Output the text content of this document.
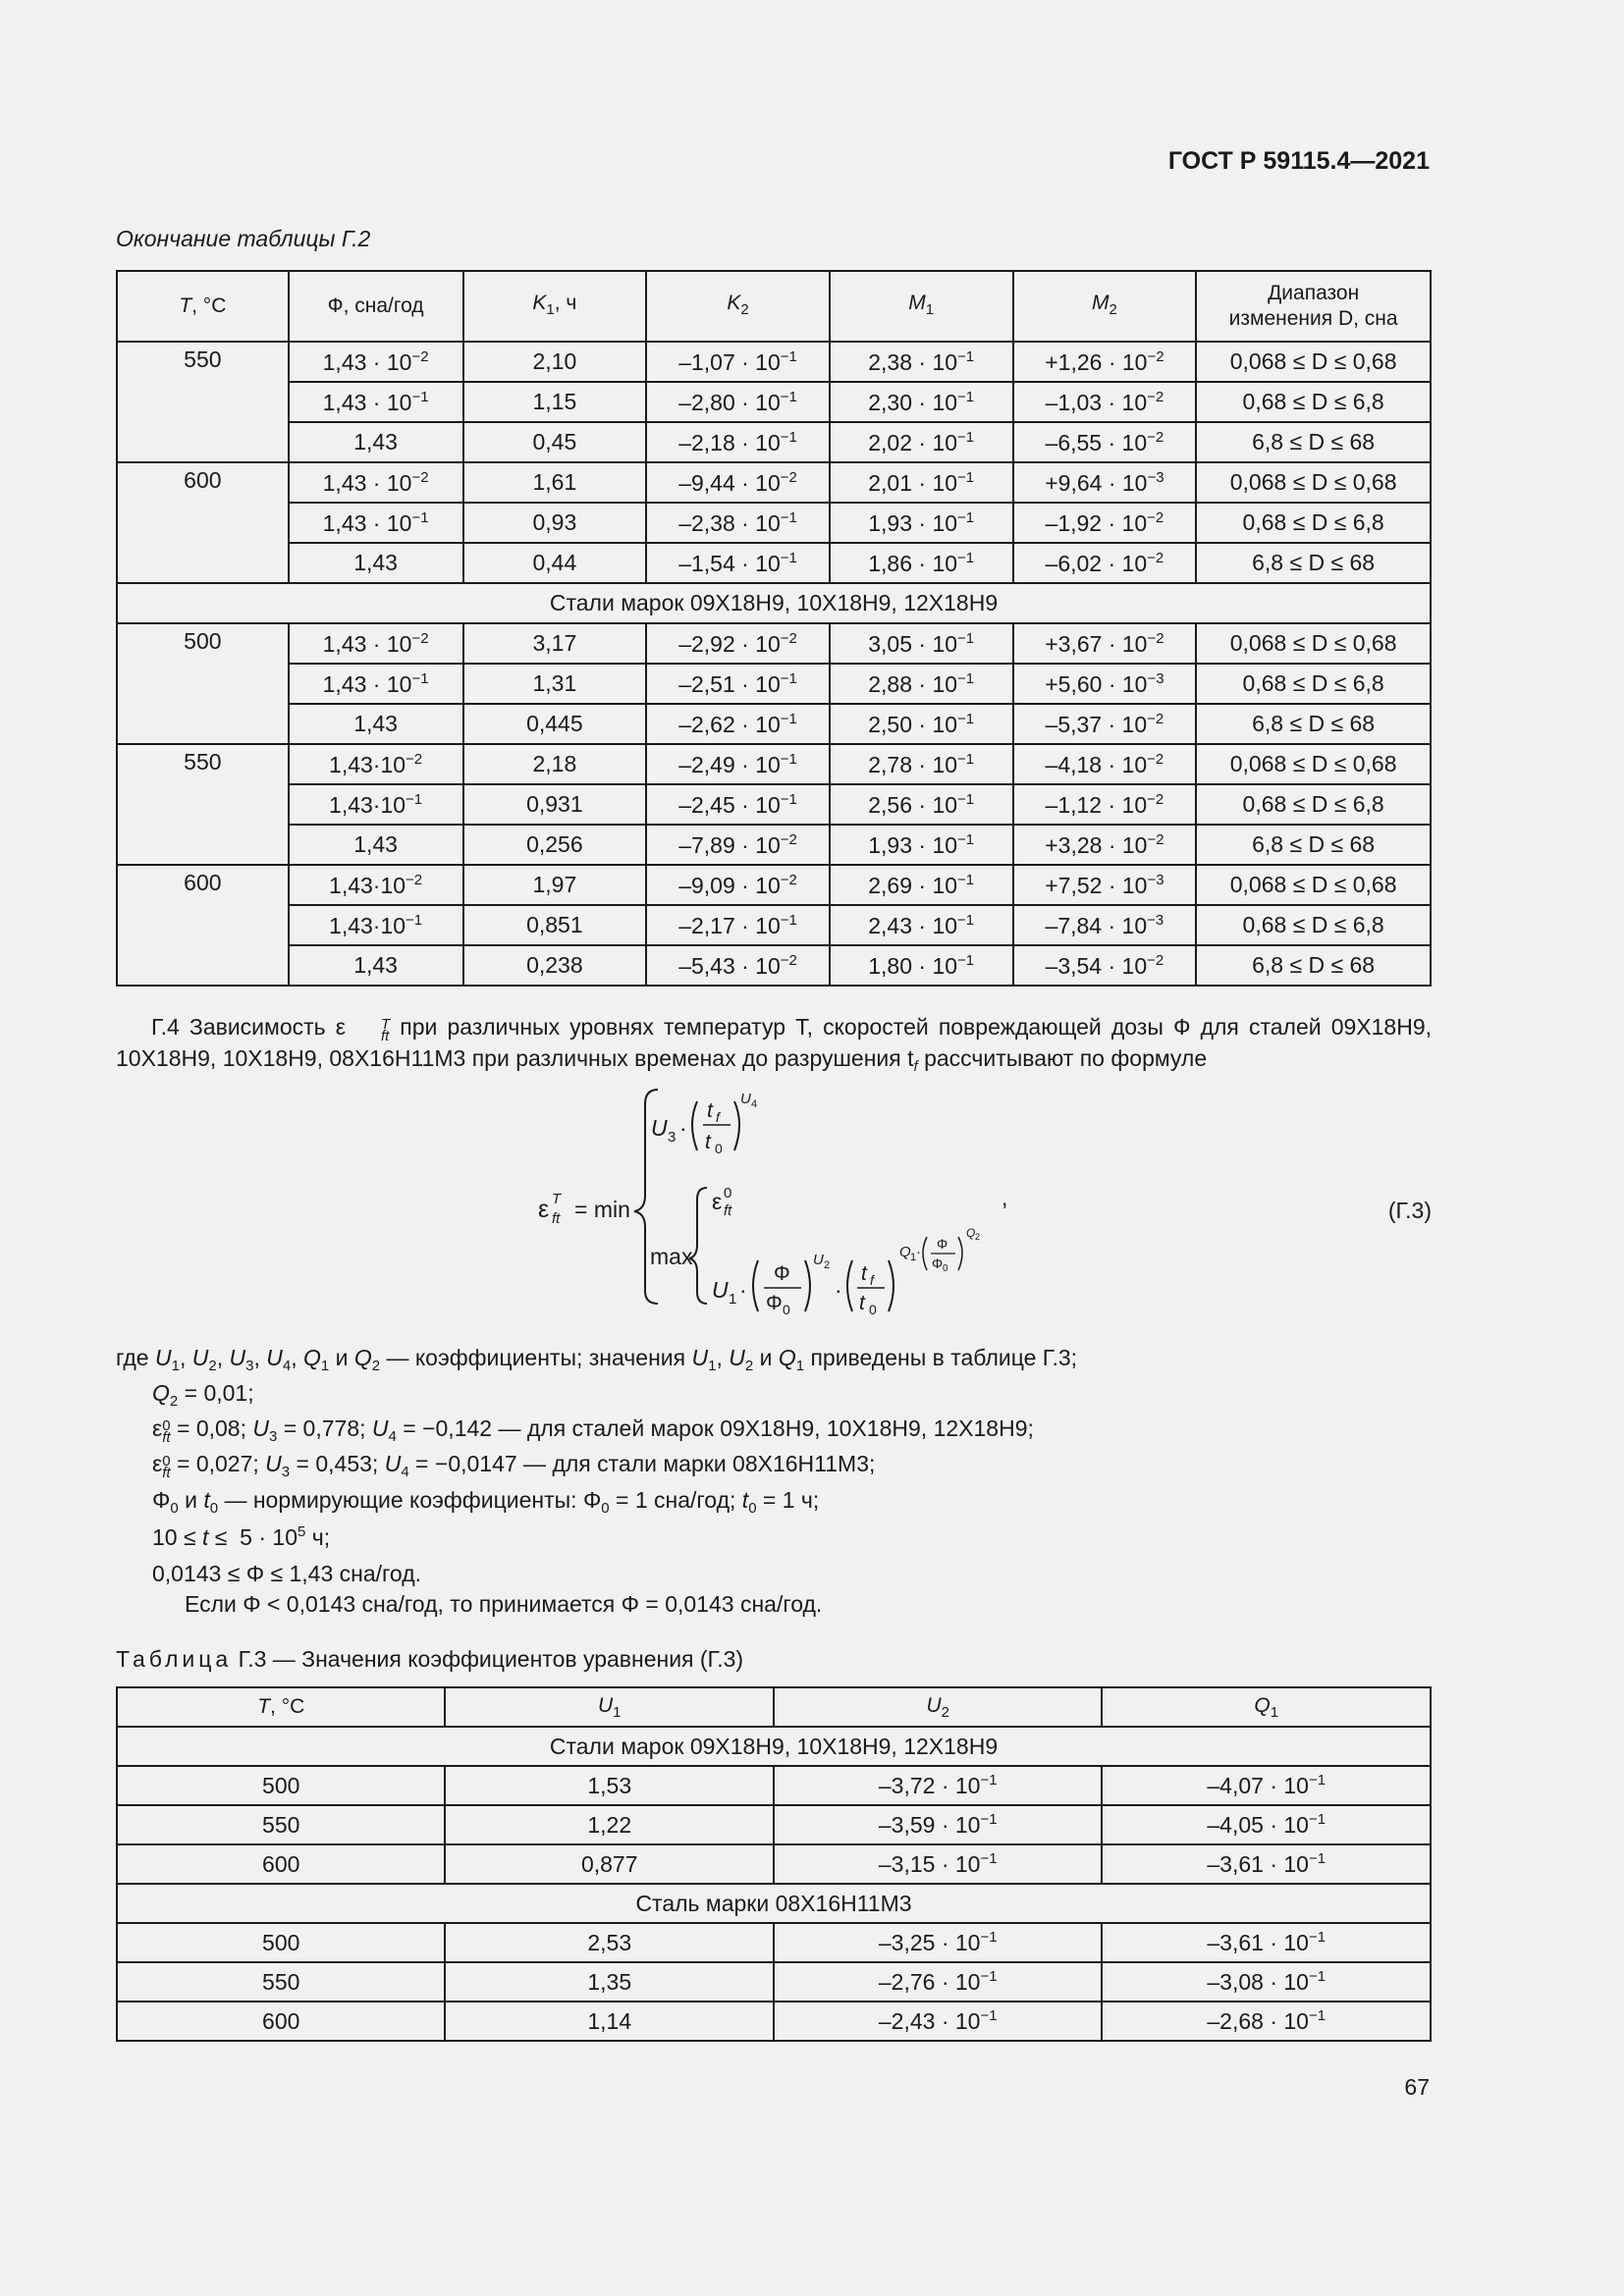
ГОСТ Р 59115.4—2021
Окончание таблицы Г.2
T, °C	Ф, сна/год	$K_1$, ч	$K_2$	$M_1$	$M_2$	Диапазон
изменения D, сна
550	$1,43 \cdot 10^{-2}$	2,10	$-1,07 \cdot 10^{-1}$	$2,38 \cdot 10^{-1}$	$+1,26 \cdot 10^{-2}$	0,068 ≤ D ≤ 0,68
	$1,43 \cdot 10^{-1}$	1,15	$-2,80 \cdot 10^{-1}$	$2,30 \cdot 10^{-1}$	$-1,03 \cdot 10^{-2}$	0,68 ≤ D ≤ 6,8
	1,43	0,45	$-2,18 \cdot 10^{-1}$	$2,02 \cdot 10^{-1}$	$-6,55 \cdot 10^{-2}$	6,8 ≤ D ≤ 68
600	$1,43 \cdot 10^{-2}$	1,61	$-9,44 \cdot 10^{-2}$	$2,01 \cdot 10^{-1}$	$+9,64 \cdot 10^{-3}$	0,068 ≤ D ≤ 0,68
	$1,43 \cdot 10^{-1}$	0,93	$-2,38 \cdot 10^{-1}$	$1,93 \cdot 10^{-1}$	$-1,92 \cdot 10^{-2}$	0,68 ≤ D ≤ 6,8
	1,43	0,44	$-1,54 \cdot 10^{-1}$	$1,86 \cdot 10^{-1}$	$-6,02 \cdot 10^{-2}$	6,8 ≤ D ≤ 68
Стали марок 09Х18Н9, 10Х18Н9, 12Х18Н9						
500	$1,43 \cdot 10^{-2}$	3,17	$-2,92 \cdot 10^{-2}$	$3,05 \cdot 10^{-1}$	$+3,67 \cdot 10^{-2}$	0,068 ≤ D ≤ 0,68
	$1,43 \cdot 10^{-1}$	1,31	$-2,51 \cdot 10^{-1}$	$2,88 \cdot 10^{-1}$	$+5,60 \cdot 10^{-3}$	0,68 ≤ D ≤ 6,8
	1,43	0,445	$-2,62 \cdot 10^{-1}$	$2,50 \cdot 10^{-1}$	$-5,37 \cdot 10^{-2}$	6,8 ≤ D ≤ 68
550	$1,43\cdot 10^{-2}$	2,18	$-2,49 \cdot 10^{-1}$	$2,78 \cdot 10^{-1}$	$-4,18 \cdot 10^{-2}$	0,068 ≤ D ≤ 0,68
	$1,43\cdot 10^{-1}$	0,931	$-2,45 \cdot 10^{-1}$	$2,56 \cdot 10^{-1}$	$-1,12 \cdot 10^{-2}$	0,68 ≤ D ≤ 6,8
	1,43	0,256	$-7,89 \cdot 10^{-2}$	$1,93 \cdot 10^{-1}$	$+3,28 \cdot 10^{-2}$	6,8 ≤ D ≤ 68
600	$1,43\cdot 10^{-2}$	1,97	$-9,09 \cdot 10^{-2}$	$2,69 \cdot 10^{-1}$	$+7,52 \cdot 10^{-3}$	0,068 ≤ D ≤ 0,68
	$1,43\cdot 10^{-1}$	0,851	$-2,17 \cdot 10^{-1}$	$2,43 \cdot 10^{-1}$	$-7,84 \cdot 10^{-3}$	0,68 ≤ D ≤ 6,8
	1,43	0,238	$-5,43 \cdot 10^{-2}$	$1,80 \cdot 10^{-1}$	$-3,54 \cdot 10^{-2}$	6,8 ≤ D ≤ 68
Г.4 Зависимость ε	T
ft при различных уровнях температур T, скоростей повреждающей дозы Ф для сталей 09Х18Н9, 10Х18Н9, 10Х18Н9, 08Х16Н11М3 при различных временах до разрушения $t_f$ рассчитывают по формуле
ε T
ft = min
U 3 ·
t f
t 0
U 4
max
ε 0
ft
U 1 ·
Φ
Φ 0
U 2
·
t f
t 0
Q 1 · Φ
Φ 0
Q 2
,	(Г.3)
где $U_1$, $U_2$, $U_3$, $U_4$, $Q_1$ и $Q_2$ — коэффициенты; значения $U_1$, $U_2$ и $Q_1$ приведены в таблице Г.3;
$Q_2 = 0,01$;
ε 0
ft = 0,08; $U_3 = 0,778$; $U_4 = -0,142$ — для сталей марок 09Х18Н9, 10Х18Н9, 12Х18Н9;
ε 0
ft = 0,027; $U_3 = 0,453$; $U_4 = -0,0147$ — для стали марки 08Х16Н11М3;
$\Phi_0$ и $t_0$ — нормирующие коэффициенты: $\Phi_0 = 1$ сна/год; $t_0 = 1$ ч;
$10 \le t \le 5 \cdot 10^5$ ч;
0,0143 ≤ Φ ≤ 1,43 сна/год.
Если Φ < 0,0143 сна/год, то принимается Φ = 0,0143 сна/год.
Таблица Г.3 — Значения коэффициентов уравнения (Г.3)
T, °C	$U_1$	$U_2$	$Q_1$
Стали марок 09Х18Н9, 10Х18Н9, 12Х18Н9			
500	1,53	$-3,72 \cdot 10^{-1}$	$-4,07 \cdot 10^{-1}$
550	1,22	$-3,59 \cdot 10^{-1}$	$-4,05 \cdot 10^{-1}$
600	0,877	$-3,15 \cdot 10^{-1}$	$-3,61 \cdot 10^{-1}$
Сталь марки 08Х16Н11М3			
500	2,53	$-3,25 \cdot 10^{-1}$	$-3,61 \cdot 10^{-1}$
550	1,35	$-2,76 \cdot 10^{-1}$	$-3,08 \cdot 10^{-1}$
600	1,14	$-2,43 \cdot 10^{-1}$	$-2,68 \cdot 10^{-1}$
67
